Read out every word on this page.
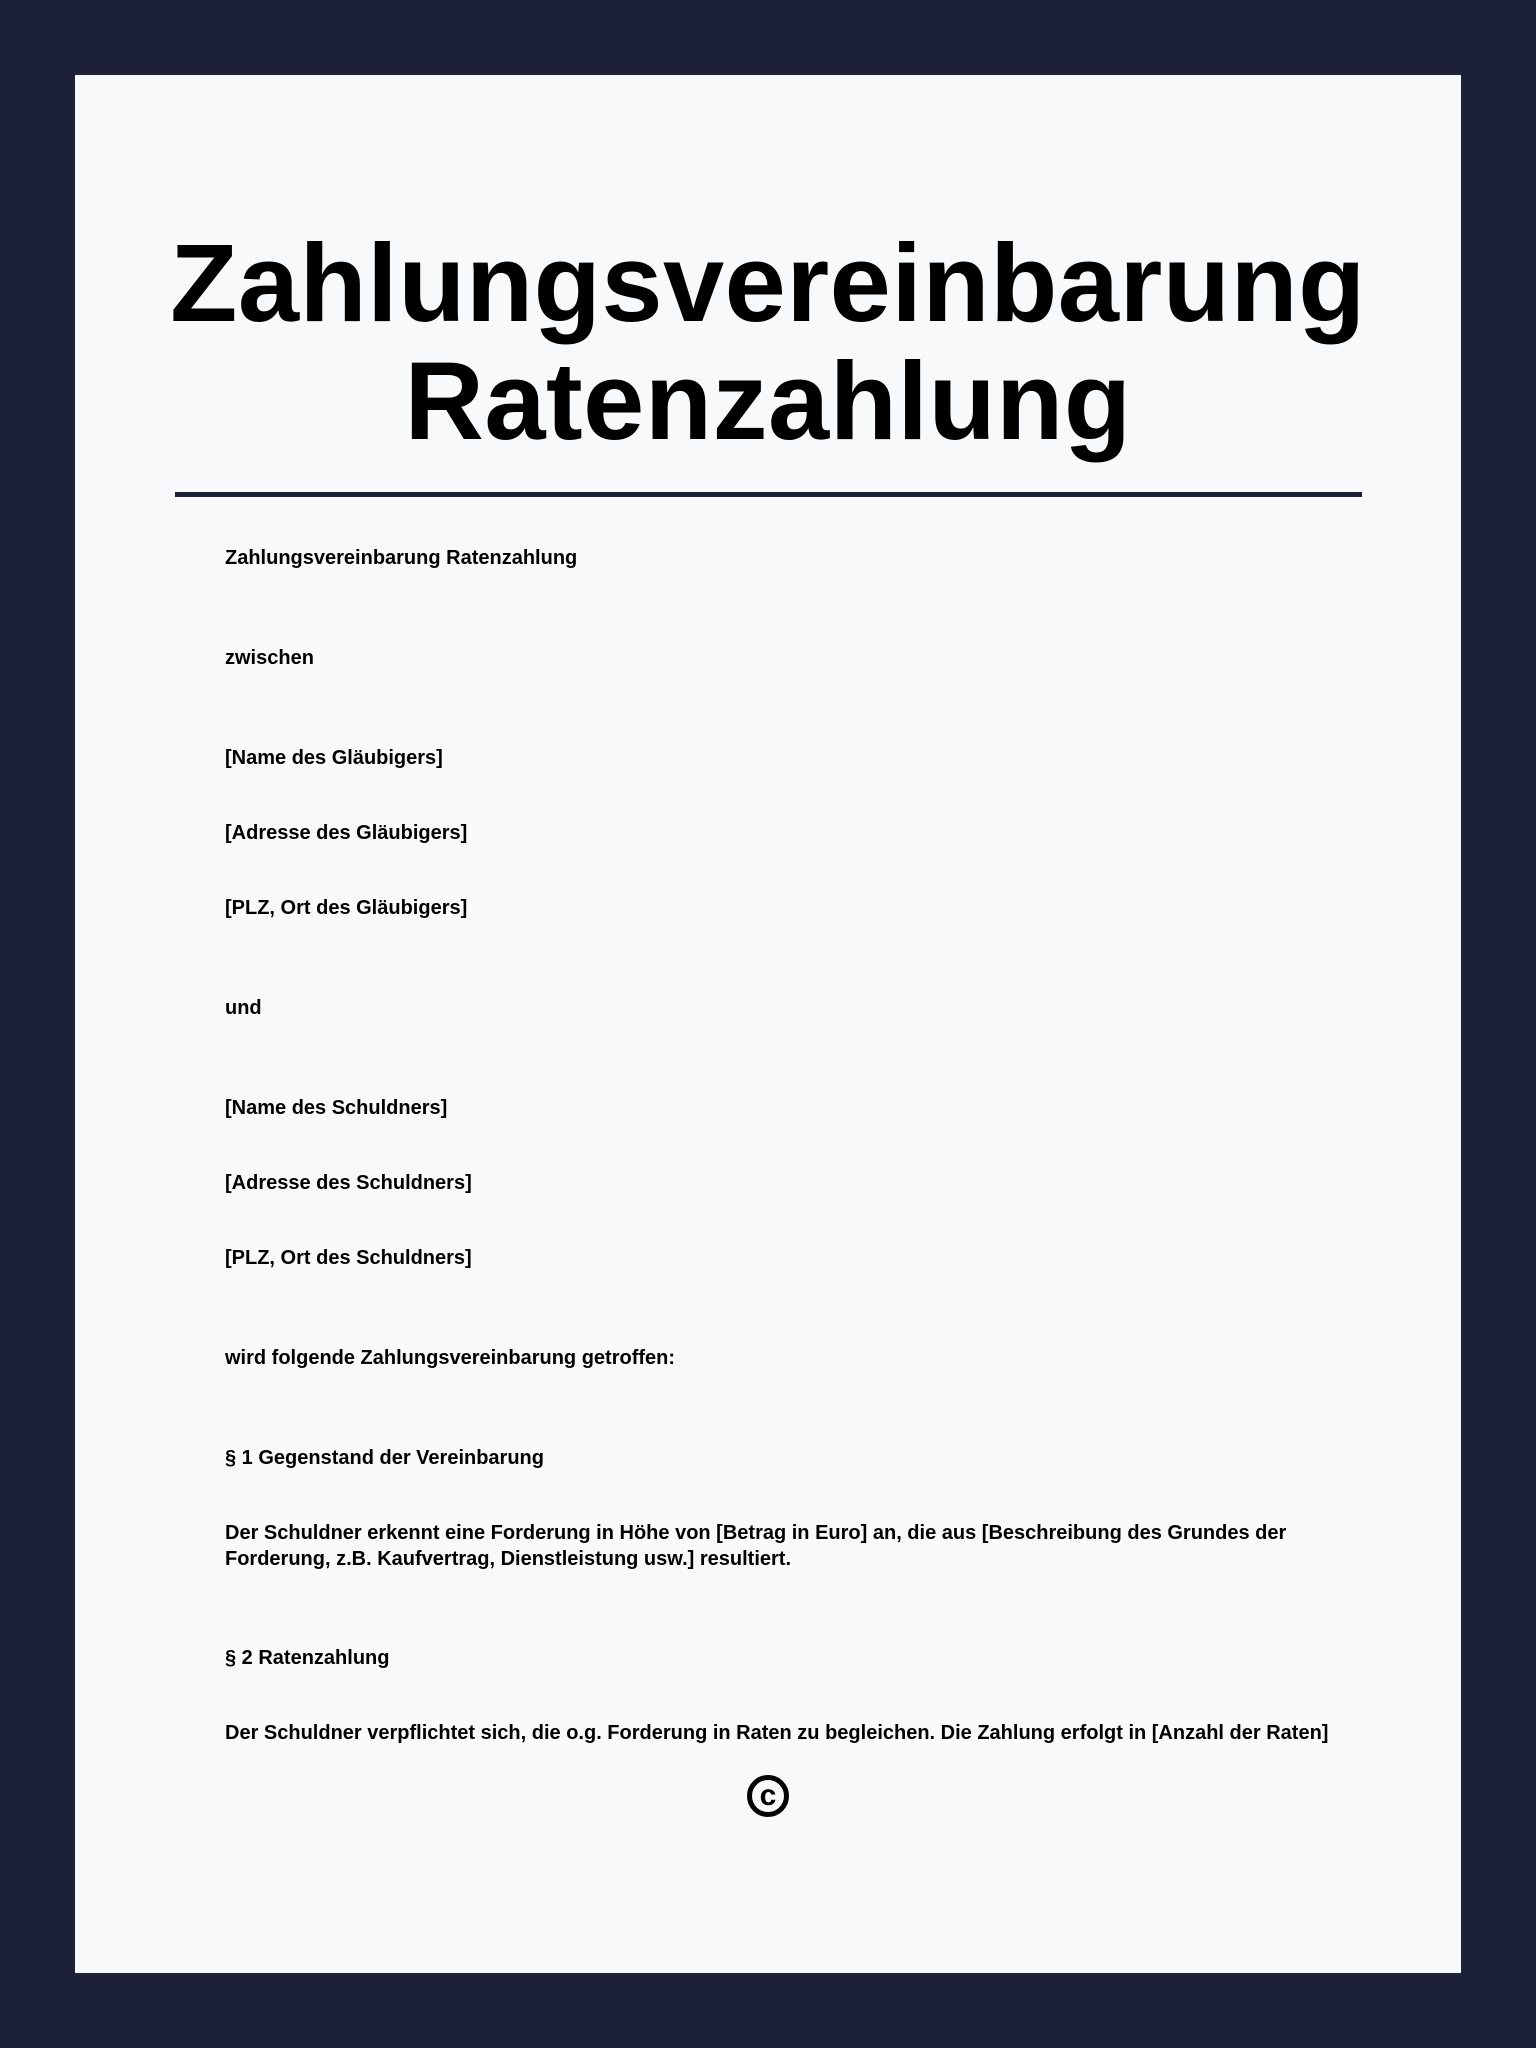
Zahlungsvereinbarung
Ratenzahlung

Zahlungsvereinbarung Ratenzahlung

zwischen

[Name des Gläubigers]

[Adresse des Gläubigers]

[PLZ, Ort des Gläubigers]

und

[Name des Schuldners]

[Adresse des Schuldners]

[PLZ, Ort des Schuldners]

wird folgende Zahlungsvereinbarung getroffen:

§ 1 Gegenstand der Vereinbarung

Der Schuldner erkennt eine Forderung in Höhe von [Betrag in Euro] an, die aus [Beschreibung des Grundes der Forderung, z.B. Kaufvertrag, Dienstleistung usw.] resultiert.

§ 2 Ratenzahlung

Der Schuldner verpflichtet sich, die o.g. Forderung in Raten zu begleichen. Die Zahlung erfolgt in [Anzahl der Raten]

c
